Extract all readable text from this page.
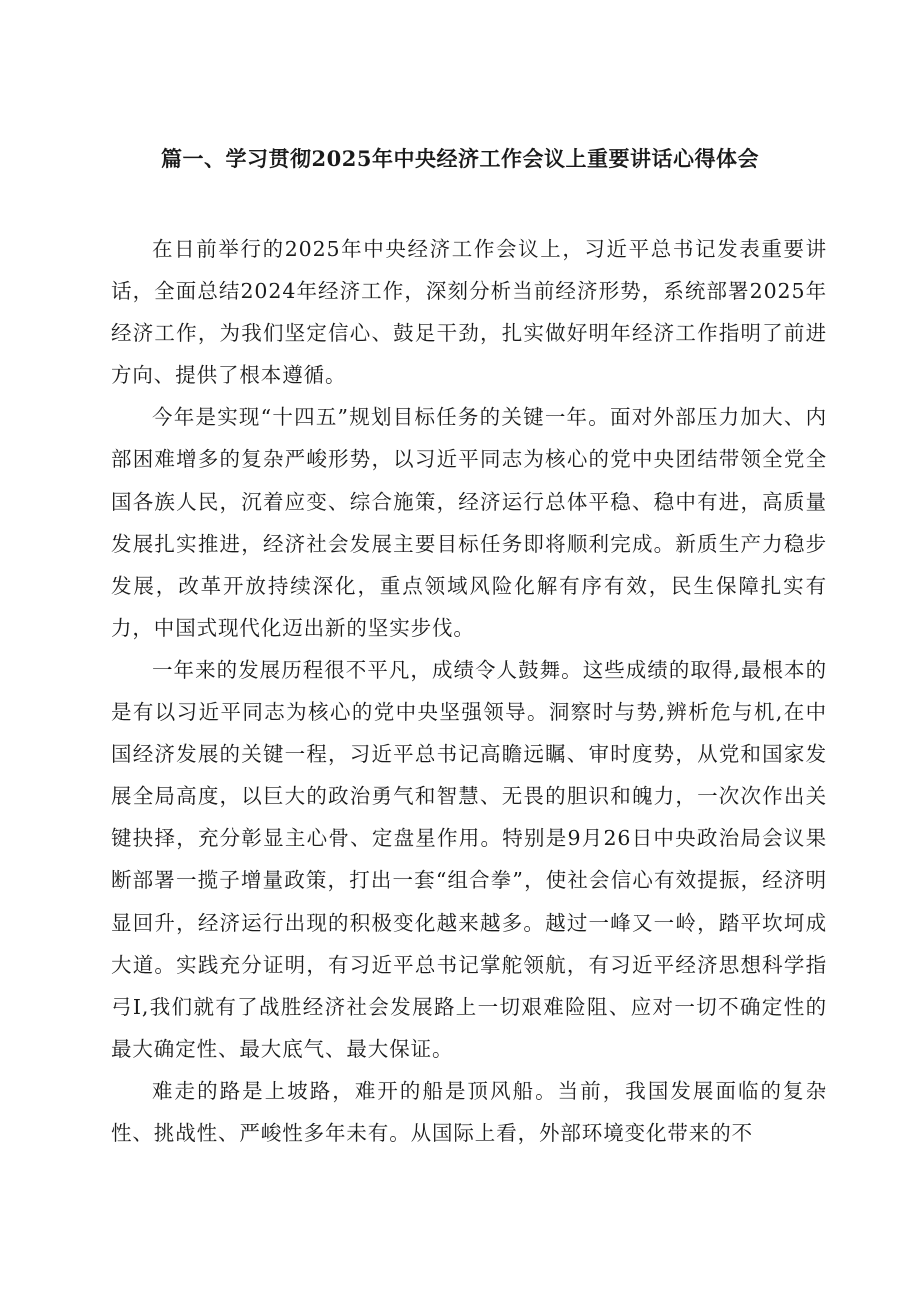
篇一、学习贯彻2025年中央经济工作会议上重要讲话心得体会

在日前举行的2025年中央经济工作会议上，习近平总书记发表重要讲话，全面总结2024年经济工作，深刻分析当前经济形势，系统部署2025年经济工作，为我们坚定信心、鼓足干劲，扎实做好明年经济工作指明了前进方向、提供了根本遵循。

今年是实现“十四五”规划目标任务的关键一年。面对外部压力加大、内部困难增多的复杂严峻形势，以习近平同志为核心的党中央团结带领全党全国各族人民，沉着应变、综合施策，经济运行总体平稳、稳中有进，高质量发展扎实推进，经济社会发展主要目标任务即将顺利完成。新质生产力稳步发展，改革开放持续深化，重点领域风险化解有序有效，民生保障扎实有力，中国式现代化迈出新的坚实步伐。

一年来的发展历程很不平凡，成绩令人鼓舞。这些成绩的取得,最根本的是有以习近平同志为核心的党中央坚强领导。洞察时与势,辨析危与机,在中国经济发展的关键一程，习近平总书记高瞻远瞩、审时度势，从党和国家发展全局高度，以巨大的政治勇气和智慧、无畏的胆识和魄力，一次次作出关键抉择，充分彰显主心骨、定盘星作用。特别是9月26日中央政治局会议果断部署一揽子增量政策，打出一套“组合拳”，使社会信心有效提振，经济明显回升，经济运行出现的积极变化越来越多。越过一峰又一岭，踏平坎坷成大道。实践充分证明，有习近平总书记掌舵领航，有习近平经济思想科学指弓I,我们就有了战胜经济社会发展路上一切艰难险阻、应对一切不确定性的最大确定性、最大底气、最大保证。

难走的路是上坡路，难开的船是顶风船。当前，我国发展面临的复杂性、挑战性、严峻性多年未有。从国际上看，外部环境变化带来的不
